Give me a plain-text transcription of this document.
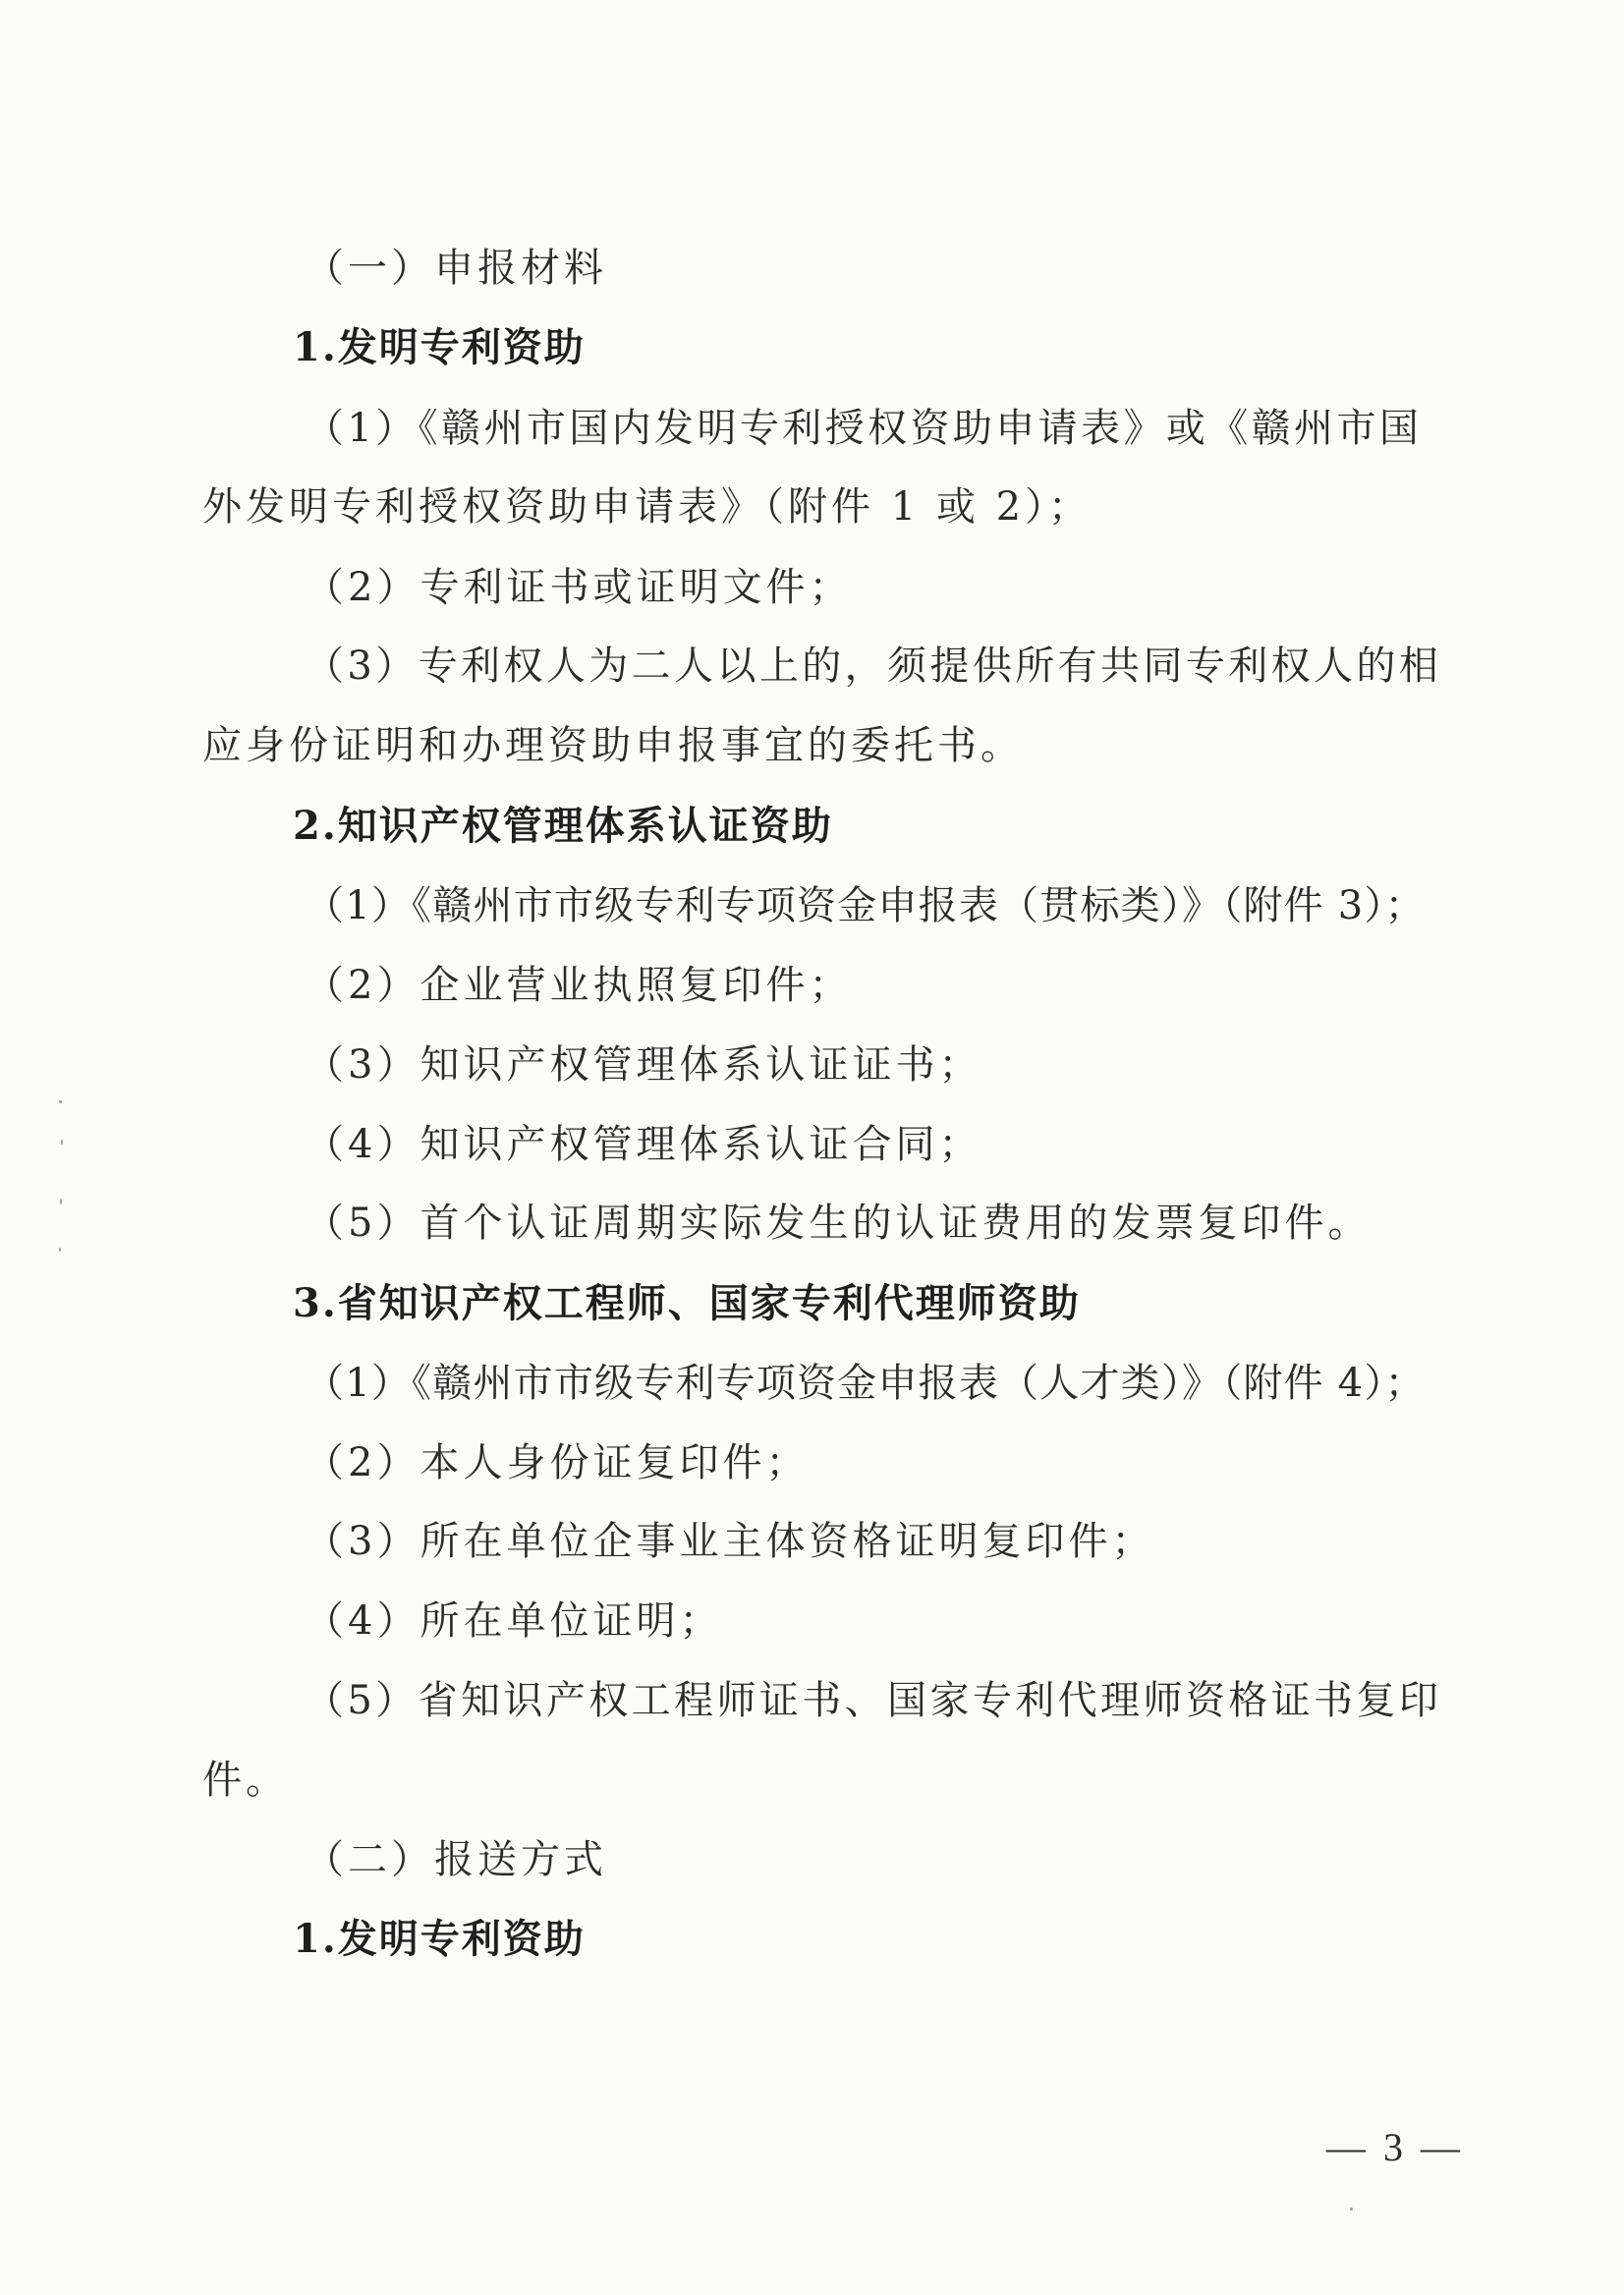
（一）申报材料
1.发明专利资助
（1）《赣州市国内发明专利授权资助申请表》或《赣州市国
外发明专利授权资助申请表》（附件 1 或 2）；
（2）专利证书或证明文件；
（3）专利权人为二人以上的，须提供所有共同专利权人的相
应身份证明和办理资助申报事宜的委托书。
2.知识产权管理体系认证资助
（1）《赣州市市级专利专项资金申报表（贯标类）》（附件 3）；
（2）企业营业执照复印件；
（3）知识产权管理体系认证证书；
（4）知识产权管理体系认证合同；
（5）首个认证周期实际发生的认证费用的发票复印件。
3.省知识产权工程师、国家专利代理师资助
（1）《赣州市市级专利专项资金申报表（人才类）》（附件 4）；
（2）本人身份证复印件；
（3）所在单位企事业主体资格证明复印件；
（4）所在单位证明；
（5）省知识产权工程师证书、国家专利代理师资格证书复印
件。
（二）报送方式
1.发明专利资助
— 3 —
